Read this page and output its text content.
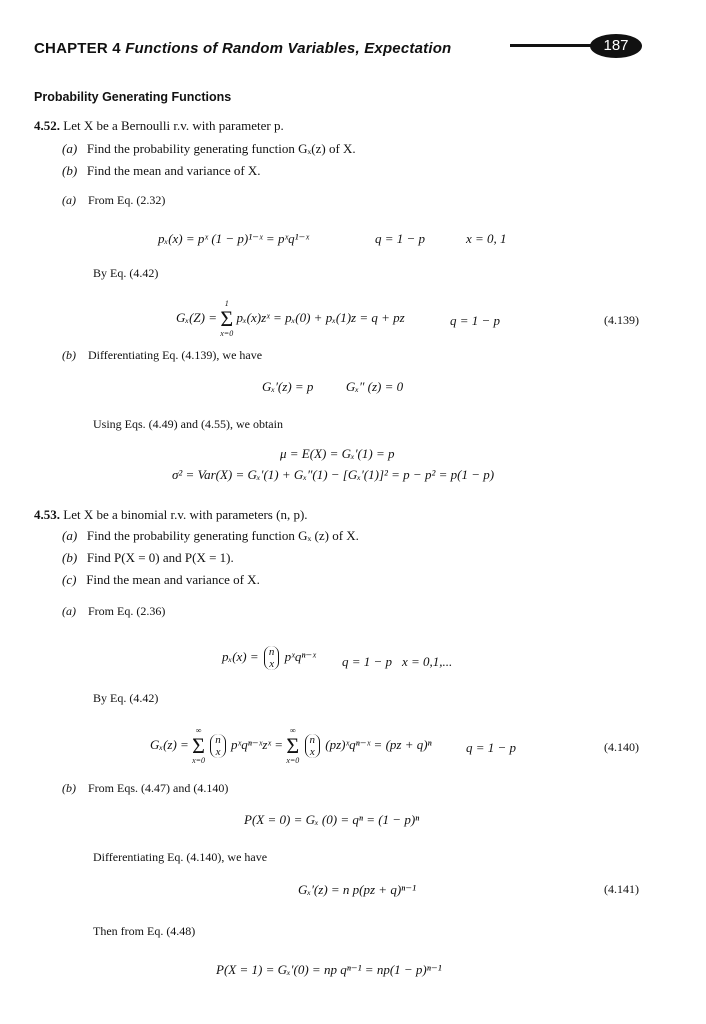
CHAPTER 4 Functions of Random Variables, Expectation	187
Probability Generating Functions
4.52. Let X be a Bernoulli r.v. with parameter p.
(a) Find the probability generating function Gₓ(z) of X.
(b) Find the mean and variance of X.
(a) From Eq. (2.32)
pₓ(x) = pˣ (1 − p)¹⁻ˣ = pˣq¹⁻ˣ	q = 1 − p	x = 0, 1
By Eq. (4.42)
Gₓ(Z) =
1
Σ
x=0
pₓ(x)zˣ = pₓ(0) + pₓ(1)z = q + pz	q = 1 − p	(4.139)
(b) Differentiating Eq. (4.139), we have
Gₓ′(z) = p          Gₓ″ (z) = 0
Using Eqs. (4.49) and (4.55), we obtain
μ = E(X) = Gₓ′(1) = p
σ² = Var(X) = Gₓ′(1) + Gₓ″(1) − [Gₓ′(1)]² = p − p² = p(1 − p)
4.53. Let X be a binomial r.v. with parameters (n, p).
(a) Find the probability generating function Gₓ (z) of X.
(b) Find P(X = 0) and P(X = 1).
(c) Find the mean and variance of X.
(a) From Eq. (2.36)
pₓ(x) = n
x
pˣqⁿ⁻ˣ q = 1 − p x = 0,1,...
By Eq. (4.42)
Gₓ(z) =
∞
Σ
x=0

n
x
pˣqⁿ⁻ˣzˣ =
∞
Σ
x=0

n
x
(pz)ˣqⁿ⁻ˣ = (pz + q)ⁿ	q = 1 − p	(4.140)
(b) From Eqs. (4.47) and (4.140)
P(X = 0) = Gₓ (0) = qⁿ = (1 − p)ⁿ
Differentiating Eq. (4.140), we have
Gₓ′(z) = n p(pz + q)ⁿ⁻¹	(4.141)
Then from Eq. (4.48)
P(X = 1) = Gₓ′(0) = np qⁿ⁻¹ = np(1 − p)ⁿ⁻¹
